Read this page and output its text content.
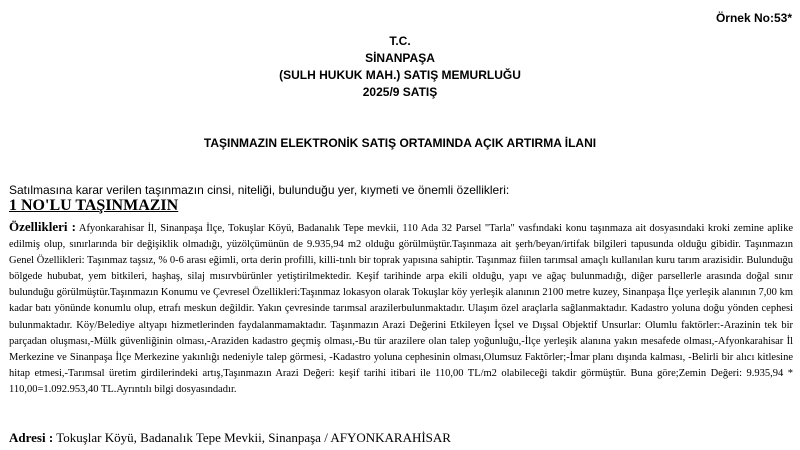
Örnek No:53*
T.C.
SİNANPAŞA
(SULH HUKUK MAH.) SATIŞ MEMURLUĞU
2025/9 SATIŞ
TAŞINMAZIN ELEKTRONİK SATIŞ ORTAMINDA AÇIK ARTIRMA İLANI
Satılmasına karar verilen taşınmazın cinsi, niteliği, bulunduğu yer, kıymeti ve önemli özellikleri:
1 NO'LU TAŞINMAZIN
Özellikleri : Afyonkarahisar İl, Sinanpaşa İlçe, Tokuşlar Köyü, Badanalık Tepe mevkii, 110 Ada 32 Parsel "Tarla" vasfındaki konu taşınmaza ait dosyasındaki kroki zemine aplike edilmiş olup, sınırlarında bir değişiklik olmadığı, yüzölçümünün de 9.935,94 m2 olduğu görülmüştür.Taşınmaza ait şerh/beyan/irtifak bilgileri tapusunda olduğu gibidir. Taşınmazın Genel Özellikleri: Taşınmaz taşsız, % 0-6 arası eğimli, orta derin profilli, killi-tınlı bir toprak yapısına sahiptir. Taşınmaz fiilen tarımsal amaçlı kullanılan kuru tarım arazisidir. Bulunduğu bölgede hububat, yem bitkileri, haşhaş, silaj mısırvbürünler yetiştirilmektedir. Keşif tarihinde arpa ekili olduğu, yapı ve ağaç bulunmadığı, diğer parsellerle arasında doğal sınır bulunduğu görülmüştür.Taşınmazın Konumu ve Çevresel Özellikleri:Taşınmaz lokasyon olarak Tokuşlar köy yerleşik alanının 2100 metre kuzey, Sinanpaşa İlçe yerleşik alanının 7,00 km kadar batı yönünde konumlu olup, etrafı meskun değildir. Yakın çevresinde tarımsal arazilerbulunmaktadır. Ulaşım özel araçlarla sağlanmaktadır. Kadastro yoluna doğu yönden cephesi bulunmaktadır. Köy/Belediye altyapı hizmetlerinden faydalanmamaktadır. Taşınmazın Arazi Değerini Etkileyen İçsel ve Dışsal Objektif Unsurlar: Olumlu faktörler:-Arazinin tek bir parçadan oluşması,-Mülk güvenliğinin olması,-Araziden kadastro geçmiş olması,-Bu tür arazilere olan talep yoğunluğu,-İlçe yerleşik alanına yakın mesafede olması,-Afyonkarahisar İl Merkezine ve Sinanpaşa İlçe Merkezine yakınlığı nedeniyle talep görmesi, -Kadastro yoluna cephesinin olması,Olumsuz Faktörler;-İmar planı dışında kalması, -Belirli bir alıcı kitlesine hitap etmesi,-Tarımsal üretim girdilerindeki artış,Taşınmazın Arazi Değeri: keşif tarihi itibari ile 110,00 TL/m2 olabileceği takdir görmüştür. Buna göre;Zemin Değeri: 9.935,94 * 110,00=1.092.953,40 TL.Ayrıntılı bilgi dosyasındadır.
Adresi : Tokuşlar Köyü, Badanalık Tepe Mevkii, Sinanpaşa / AFYONKARAHİSAR
